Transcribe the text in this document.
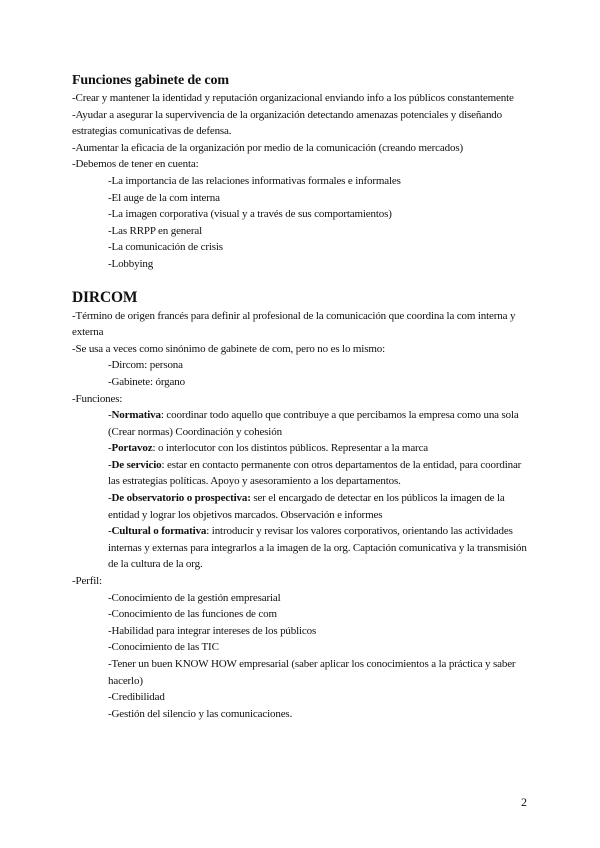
Funciones gabinete de com

-Crear y mantener la identidad y reputación organizacional enviando info a los públicos constantemente

-Ayudar a asegurar la supervivencia de la organización detectando amenazas potenciales y diseñando estrategias comunicativas de defensa.

-Aumentar la eficacia de la organización por medio de la comunicación (creando mercados)

-Debemos de tener en cuenta:

-La importancia de las relaciones informativas formales e informales

-El auge de la com interna

-La imagen corporativa (visual y a través de sus comportamientos)

-Las RRPP en general

-La comunicación de crisis

-Lobbying

DIRCOM

-Término de origen francés para definir al profesional de la comunicación que coordina la com interna y externa

-Se usa a veces como sinónimo de gabinete de com, pero no es lo mismo:

-Dircom: persona

-Gabinete: órgano

-Funciones:

-Normativa: coordinar todo aquello que contribuye a que percibamos la empresa como una sola (Crear normas) Coordinación y cohesión

-Portavoz: o interlocutor con los distintos públicos. Representar a la marca

-De servicio: estar en contacto permanente con otros departamentos de la entidad, para coordinar las estrategias políticas. Apoyo y asesoramiento a los departamentos.

-De observatorio o prospectiva: ser el encargado de detectar en los públicos la imagen de la entidad y lograr los objetivos marcados. Observación e informes

-Cultural o formativa: introducir y revisar los valores corporativos, orientando las actividades internas y externas para integrarlos a la imagen de la org. Captación comunicativa y la transmisión de la cultura de la org.

-Perfil:

-Conocimiento de la gestión empresarial

-Conocimiento de las funciones de com

-Habilidad para integrar intereses de los públicos

-Conocimiento de las TIC

-Tener un buen KNOW HOW empresarial (saber aplicar los conocimientos a la práctica y saber hacerlo)

-Credibilidad

-Gestión del silencio y las comunicaciones.

2
